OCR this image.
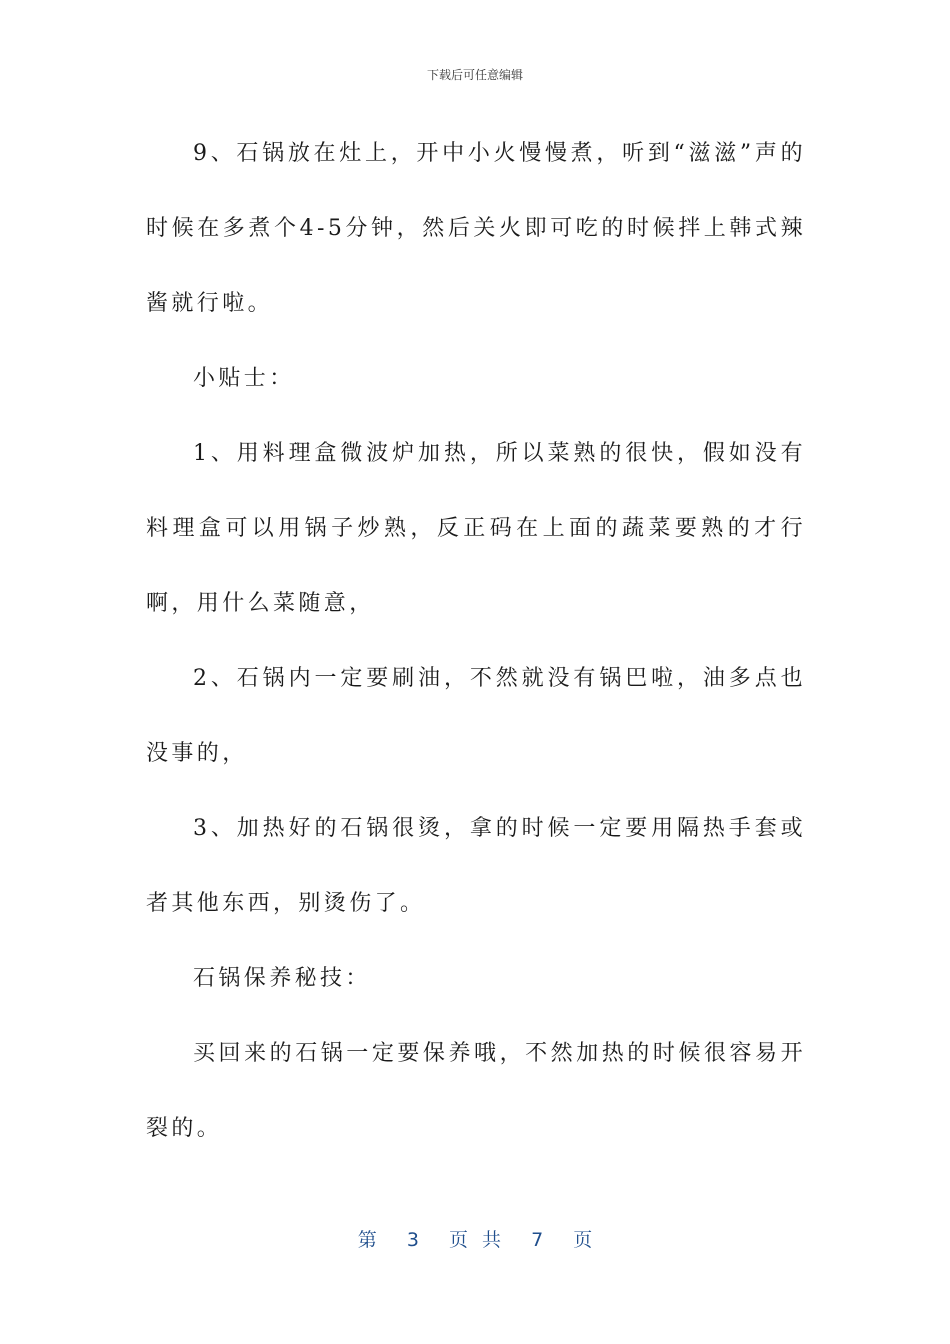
下载后可任意编辑

9、石锅放在灶上，开中小火慢慢煮，听到“滋滋”声的时候在多煮个4-5分钟，然后关火即可吃的时候拌上韩式辣酱就行啦。

小贴士：

1、用料理盒微波炉加热，所以菜熟的很快，假如没有料理盒可以用锅子炒熟，反正码在上面的蔬菜要熟的才行啊，用什么菜随意，

2、石锅内一定要刷油，不然就没有锅巴啦，油多点也没事的，

3、加热好的石锅很烫，拿的时候一定要用隔热手套或者其他东西，别烫伤了。

石锅保养秘技：

买回来的石锅一定要保养哦，不然加热的时候很容易开裂的。

第 3 页 共 7 页
